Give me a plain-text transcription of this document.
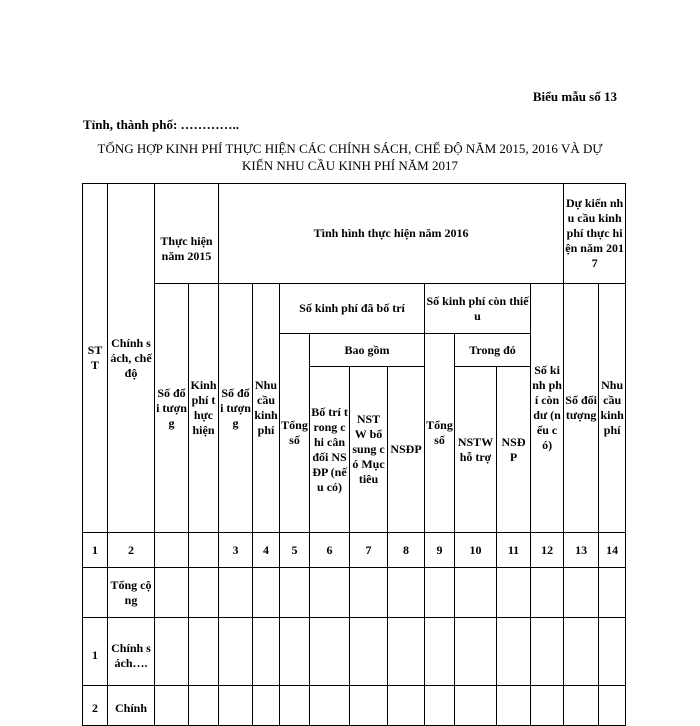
Biểu mẫu số 13
Tỉnh, thành phố: …………..
TỔNG HỢP KINH PHÍ THỰC HIỆN CÁC CHÍNH SÁCH, CHẾ ĐỘ NĂM 2015, 2016 VÀ DỰ
KIẾN NHU CẦU KINH PHÍ NĂM 2017
STT	Chính sách, chế độ	Thực hiện năm 2015		Tình hình thực hiện năm 2016										Dự kiến nhu cầu kinh phí thực hiện năm 2017	
		Số đối tượng	Kinh phí thực hiện	Số đối tượng	Nhu cầu kinh phí	Số kinh phí đã bố trí				Số kinh phí còn thiếu			Số kinh phí còn dư (nếu có)	Số đối tượng	Nhu cầu kinh phí
						Tổng số	Bao gồm			Tổng số	Trong đó				
							Bố trí trong chi cân đối NSĐP (nếu có)	NSTW bổ sung có Mục tiêu	NSĐP		NSTW hỗ trợ	NSĐP			
1	2			3	4	5	6	7	8	9	10	11	12	13	14
	Tổng cộng														
1	Chính sách….														
2	Chính														
